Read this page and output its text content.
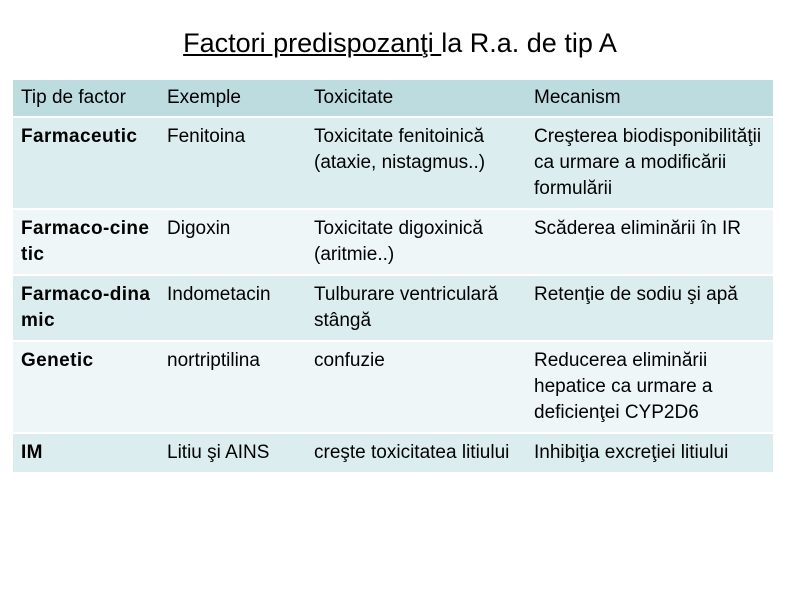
Factori predispozanţi la R.a. de tip A
Tip de factor	Exemple	Toxicitate	Mecanism
Farmaceutic	Fenitoina	Toxicitate fenitoinică (ataxie, nistagmus..)	Creşterea biodisponibilităţii ca urmare a modificării formulării
Farmaco-cinetic	Digoxin	Toxicitate digoxinică (aritmie..)	Scăderea eliminării în IR
Farmaco-dinamic	Indometacin	Tulburare ventriculară stângă	Retenţie de sodiu şi apă
Genetic	nortriptilina	confuzie	Reducerea eliminării hepatice ca urmare a deficienţei CYP2D6
IM	Litiu şi AINS	creşte toxicitatea litiului	Inhibiţia excreţiei litiului
